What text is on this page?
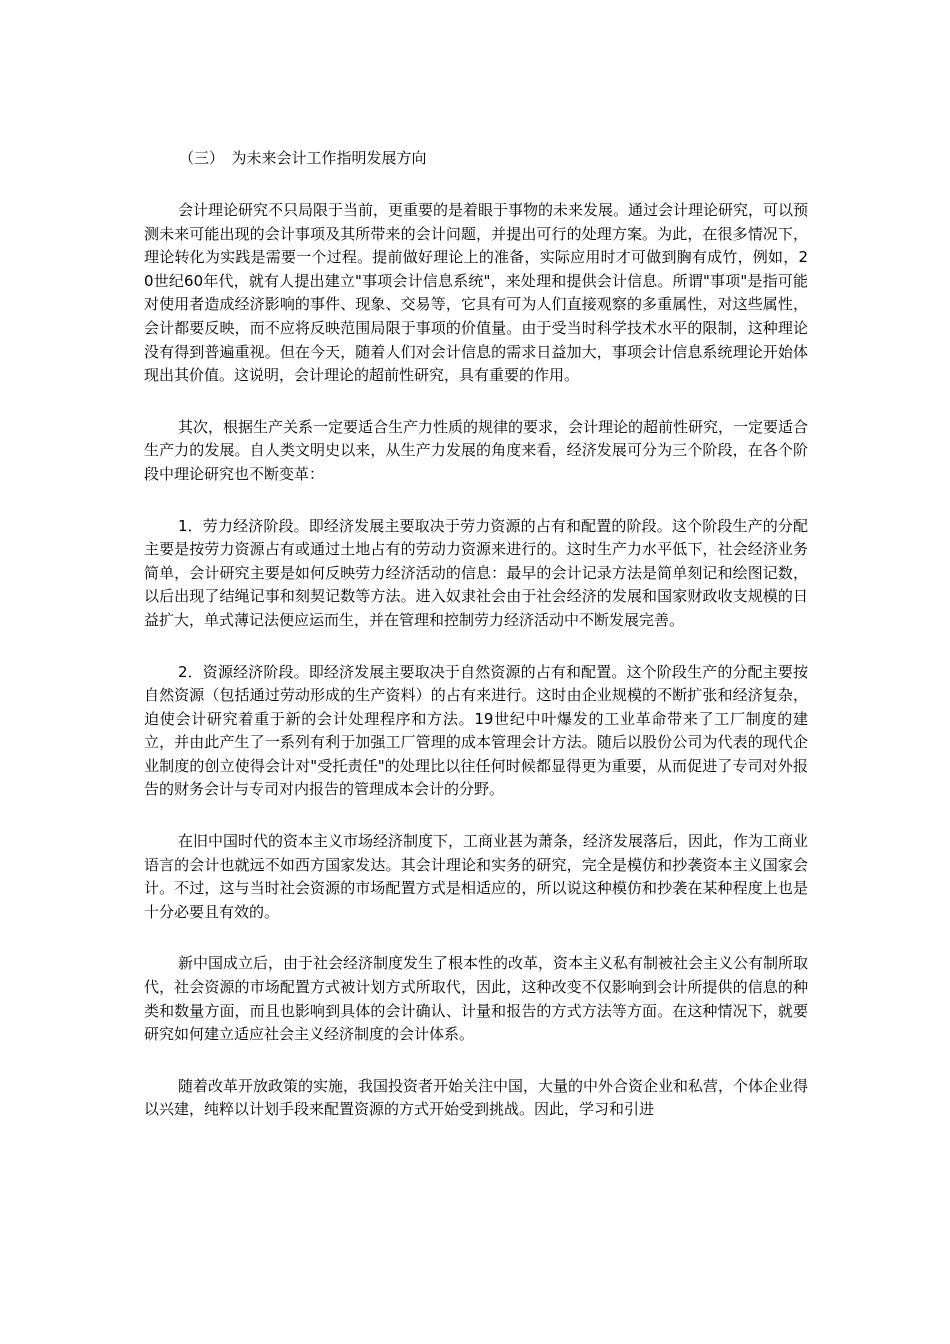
（三）　为未来会计工作指明发展方向

会计理论研究不只局限于当前，更重要的是着眼于事物的未来发展。通过会计理论研究，可以预测未来可能出现的会计事项及其所带来的会计问题，并提出可行的处理方案。为此，在很多情况下，理论转化为实践是需要一个过程。提前做好理论上的准备，实际应用时才可做到胸有成竹，例如，20世纪60年代，就有人提出建立"事项会计信息系统"，来处理和提供会计信息。所谓"事项"是指可能对使用者造成经济影响的事件、现象、交易等，它具有可为人们直接观察的多重属性，对这些属性，会计都要反映，而不应将反映范围局限于事项的价值量。由于受当时科学技术水平的限制，这种理论没有得到普遍重视。但在今天，随着人们对会计信息的需求日益加大，事项会计信息系统理论开始体现出其价值。这说明，会计理论的超前性研究，具有重要的作用。

其次，根据生产关系一定要适合生产力性质的规律的要求，会计理论的超前性研究，一定要适合生产力的发展。自人类文明史以来，从生产力发展的角度来看，经济发展可分为三个阶段，在各个阶段中理论研究也不断变革：

1．劳力经济阶段。即经济发展主要取决于劳力资源的占有和配置的阶段。这个阶段生产的分配主要是按劳力资源占有或通过土地占有的劳动力资源来进行的。这时生产力水平低下，社会经济业务简单，会计研究主要是如何反映劳力经济活动的信息：最早的会计记录方法是简单刻记和绘图记数，以后出现了结绳记事和刻契记数等方法。进入奴隶社会由于社会经济的发展和国家财政收支规模的日益扩大，单式薄记法便应运而生，并在管理和控制劳力经济活动中不断发展完善。

2．资源经济阶段。即经济发展主要取决于自然资源的占有和配置。这个阶段生产的分配主要按自然资源（包括通过劳动形成的生产资料）的占有来进行。这时由企业规模的不断扩张和经济复杂，迫使会计研究着重于新的会计处理程序和方法。19世纪中叶爆发的工业革命带来了工厂制度的建立，并由此产生了一系列有利于加强工厂管理的成本管理会计方法。随后以股份公司为代表的现代企业制度的创立使得会计对"受托责任"的处理比以往任何时候都显得更为重要，从而促进了专司对外报告的财务会计与专司对内报告的管理成本会计的分野。

在旧中国时代的资本主义市场经济制度下，工商业甚为萧条，经济发展落后，因此，作为工商业语言的会计也就远不如西方国家发达。其会计理论和实务的研究，完全是模仿和抄袭资本主义国家会计。不过，这与当时社会资源的市场配置方式是相适应的，所以说这种模仿和抄袭在某种程度上也是十分必要且有效的。

新中国成立后，由于社会经济制度发生了根本性的改革，资本主义私有制被社会主义公有制所取代，社会资源的市场配置方式被计划方式所取代，因此，这种改变不仅影响到会计所提供的信息的种类和数量方面，而且也影响到具体的会计确认、计量和报告的方式方法等方面。在这种情况下，就要研究如何建立适应社会主义经济制度的会计体系。

随着改革开放政策的实施，我国投资者开始关注中国，大量的中外合资企业和私营，个体企业得以兴建，纯粹以计划手段来配置资源的方式开始受到挑战。因此，学习和引进
